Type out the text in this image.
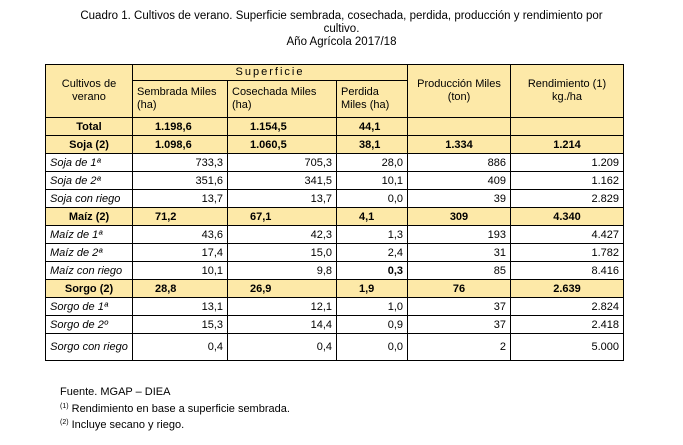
Cuadro 1. Cultivos de verano. Superficie sembrada, cosechada, perdida, producción y rendimiento por
cultivo.
Año Agrícola 2017/18
Cultivos de verano	Superficie			Producción Miles (ton)	Rendimiento (1) kg./ha
	Sembrada Miles (ha)	Cosechada Miles (ha)	Perdida Miles (ha)		
Total	1.198,6	1.154,5	44,1		
Soja (2)	1.098,6	1.060,5	38,1	1.334	1.214
Soja de 1ª	733,3	705,3	28,0	886	1.209
Soja de 2ª	351,6	341,5	10,1	409	1.162
Soja con riego	13,7	13,7	0,0	39	2.829
Maíz (2)	71,2	67,1	4,1	309	4.340
Maíz de 1ª	43,6	42,3	1,3	193	4.427
Maíz de 2ª	17,4	15,0	2,4	31	1.782
Maíz con riego	10,1	9,8	0,3	85	8.416
Sorgo (2)	28,8	26,9	1,9	76	2.639
Sorgo de 1ª	13,1	12,1	1,0	37	2.824
Sorgo de 2º	15,3	14,4	0,9	37	2.418
Sorgo con riego	0,4	0,4	0,0	2	5.000
Fuente. MGAP – DIEA
$^{(1)}$ Rendimiento en base a superficie sembrada.
$^{(2)}$ Incluye secano y riego.
